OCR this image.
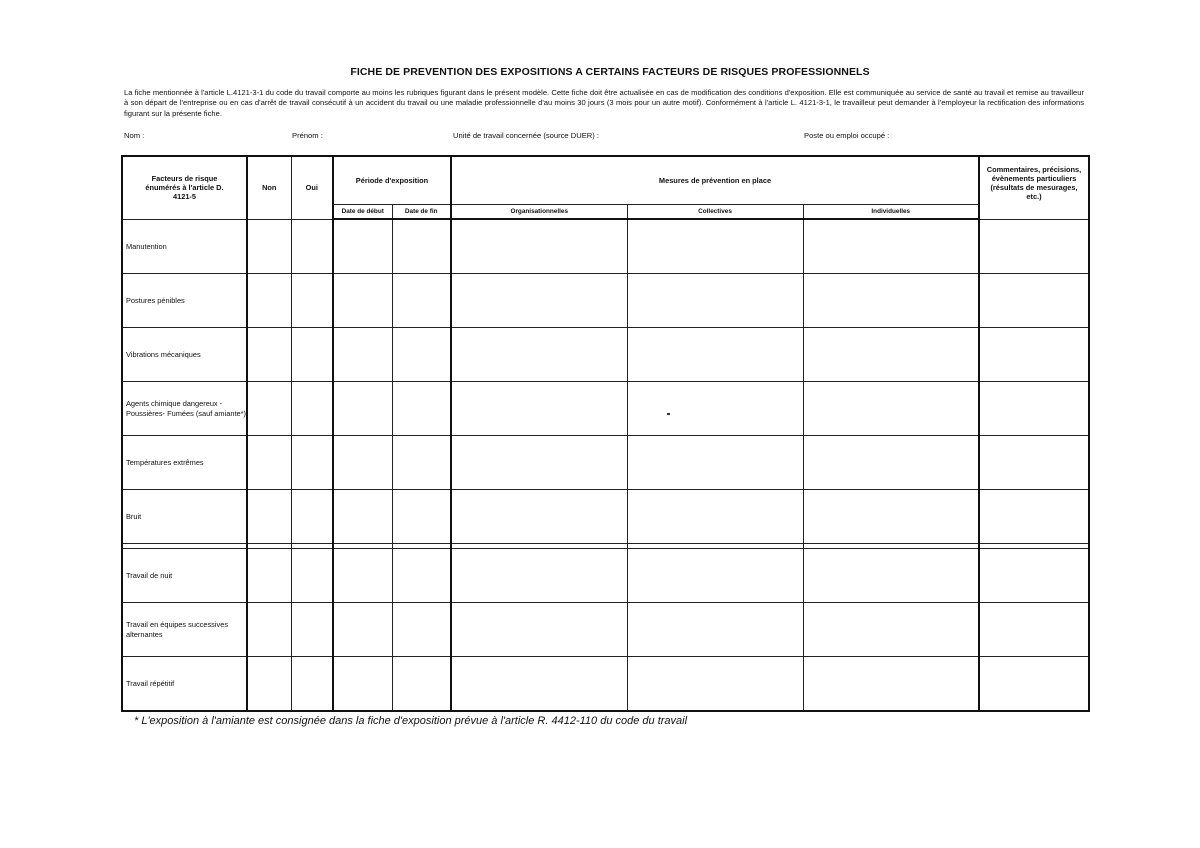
FICHE DE PREVENTION DES EXPOSITIONS A CERTAINS FACTEURS DE RISQUES PROFESSIONNELS
La fiche mentionnée à l'article L.4121-3-1 du code du travail comporte au moins les rubriques figurant dans le présent modèle. Cette fiche doit être actualisée en cas de modification des conditions d'exposition. Elle est communiquée au service de santé au travail et remise au travailleur à son départ de l'entreprise ou en cas d'arrêt de travail consécutif à un accident du travail ou une maladie professionnelle d'au moins 30 jours (3 mois pour un autre motif). Conformément à l'article L. 4121-3-1, le travailleur peut demander à l'employeur la rectification des informations figurant sur la présente fiche.
Nom :	Prénom :	Unité de travail concernée (source DUER) :	Poste ou emploi occupé :
Facteurs de risque énumérés à l'article D. 4121-5	Non	Oui	Période d'exposition		Mesures de prévention en place			Commentaires, précisions, évènements particuliers (résultats de mesurages, etc.)
			Date de début	Date de fin	Organisationnelles	Collectives	Individuelles	
Manutention								
Postures pénibles								
Vibrations mécaniques								
Agents chimique dangereux - Poussières- Fumées (sauf amiante*)								
Températures extrêmes								
Bruit								

Travail de nuit								
Travail en équipes successives alternantes								
Travail répétitif								
* L'exposition à l'amiante est consignée dans la fiche d'exposition prévue à l'article R. 4412-110 du code du travail
